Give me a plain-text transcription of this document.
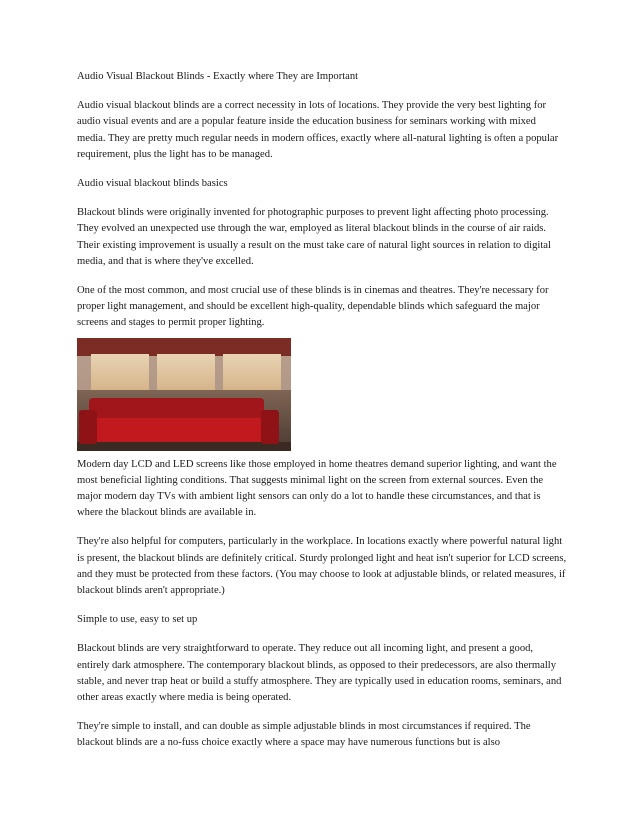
Audio Visual Blackout Blinds - Exactly where They are Important

Audio visual blackout blinds are a correct necessity in lots of locations. They provide the very best lighting for audio visual events and are a popular feature inside the education business for seminars working with mixed media. They are pretty much regular needs in modern offices, exactly where all-natural lighting is often a popular requirement, plus the light has to be managed.

Audio visual blackout blinds basics

Blackout blinds were originally invented for photographic purposes to prevent light affecting photo processing. They evolved an unexpected use through the war, employed as literal blackout blinds in the course of air raids. Their existing improvement is usually a result on the must take care of natural light sources in relation to digital media, and that is where they've excelled.

One of the most common, and most crucial use of these blinds is in cinemas and theatres. They're necessary for proper light management, and should be excellent high-quality, dependable blinds which safeguard the major screens and stages to permit proper lighting.

Modern day LCD and LED screens like those employed in home theatres demand superior lighting, and want the most beneficial lighting conditions. That suggests minimal light on the screen from external sources. Even the major modern day TVs with ambient light sensors can only do a lot to handle these circumstances, and that is where the blackout blinds are available in.

They're also helpful for computers, particularly in the workplace. In locations exactly where powerful natural light is present, the blackout blinds are definitely critical. Sturdy prolonged light and heat isn't superior for LCD screens, and they must be protected from these factors. (You may choose to look at adjustable blinds, or related measures, if blackout blinds aren't appropriate.)

Simple to use, easy to set up

Blackout blinds are very straightforward to operate. They reduce out all incoming light, and present a good, entirely dark atmosphere. The contemporary blackout blinds, as opposed to their predecessors, are also thermally stable, and never trap heat or build a stuffy atmosphere. They are typically used in education rooms, seminars, and other areas exactly where media is being operated.

They're simple to install, and can double as simple adjustable blinds in most circumstances if required. The blackout blinds are a no-fuss choice exactly where a space may have numerous functions but is also
